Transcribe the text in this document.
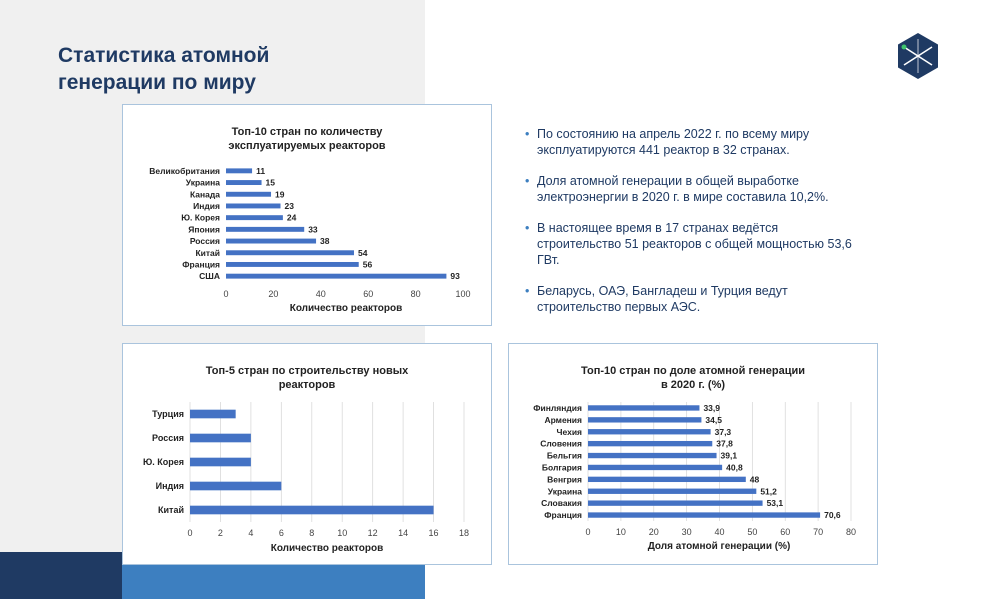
Статистика атомной
генерации по миру
Топ-10 стран по количеству
эксплуатируемых реакторов
Великобритания	11
Украина	15
Канада	19
Индия	23
Ю. Корея	24
Япония	33
Россия	38
Китай	54
Франция	56
США	93
0	20	40	60	80	100
Количество реакторов
Топ-5 стран по строительству новых
реакторов
Турция
Россия
Ю. Корея
Индия
Китай
0	2	4	6	8	10 12 14 16 18
Количество реакторов
Топ-10 стран по доле атомной генерации
в 2020 г. (%)
Финляндия	33,9
Армения	34,5
Чехия	37,3
Словения	37,8
Бельгия	39,1
Болгария	40,8
Венгрия	48
Украина	51,2
Словакия	53,1
Франция	70,6
0	10	20	30	40	50	60	70	80
Доля атомной генерации (%)
• По состоянию на апрель 2022 г. по всему миру эксплуатируются 441 реактор в 32 странах.
• Доля атомной генерации в общей выработке электроэнергии в 2020 г. в мире составила 10,2%.
• В настоящее время в 17 странах ведётся строительство 51 реакторов с общей мощностью 53,6 ГВт.
• Беларусь, ОАЭ, Бангладеш и Турция ведут строительство первых АЭС.
